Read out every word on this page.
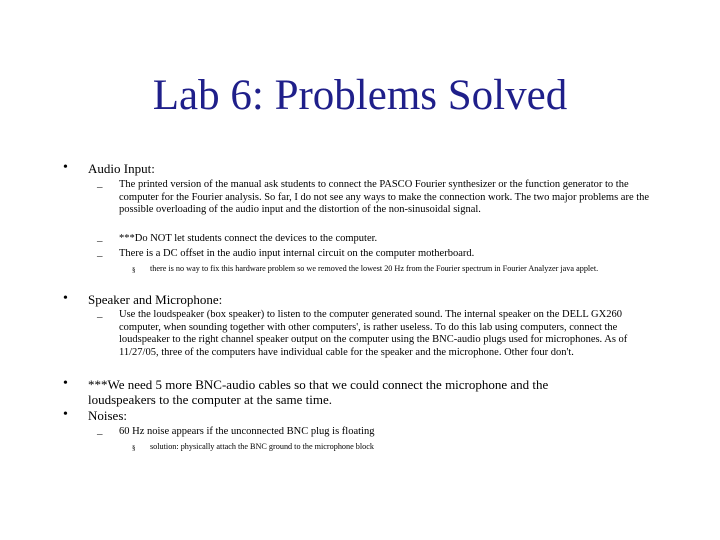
Lab 6: Problems Solved
• Audio Input:
– The printed version of the manual ask students to connect the PASCO Fourier synthesizer or the function generator to the computer for the Fourier analysis. So far, I do not see any ways to make the connection work. The two major problems are the possible overloading of the audio input and the distortion of the non-sinusoidal signal.
– ***Do NOT let students connect the devices to the computer.
– There is a DC offset in the audio input internal circuit on the computer motherboard.
§ there is no way to fix this hardware problem so we removed the lowest 20 Hz from the Fourier spectrum in Fourier Analyzer java applet.
• Speaker and Microphone:
– Use the loudspeaker (box speaker) to listen to the computer generated sound. The internal speaker on the DELL GX260 computer, when sounding together with other computers', is rather useless. To do this lab using computers, connect the loudspeaker to the right channel speaker output on the computer using the BNC-audio plugs used for microphones. As of 11/27/05, three of the computers have individual cable for the speaker and the microphone. Other four don't.
• ***We need 5 more BNC-audio cables so that we could connect the microphone and the loudspeakers to the computer at the same time.
• Noises:
– 60 Hz noise appears if the unconnected BNC plug is floating
§ solution: physically attach the BNC ground to the microphone block
